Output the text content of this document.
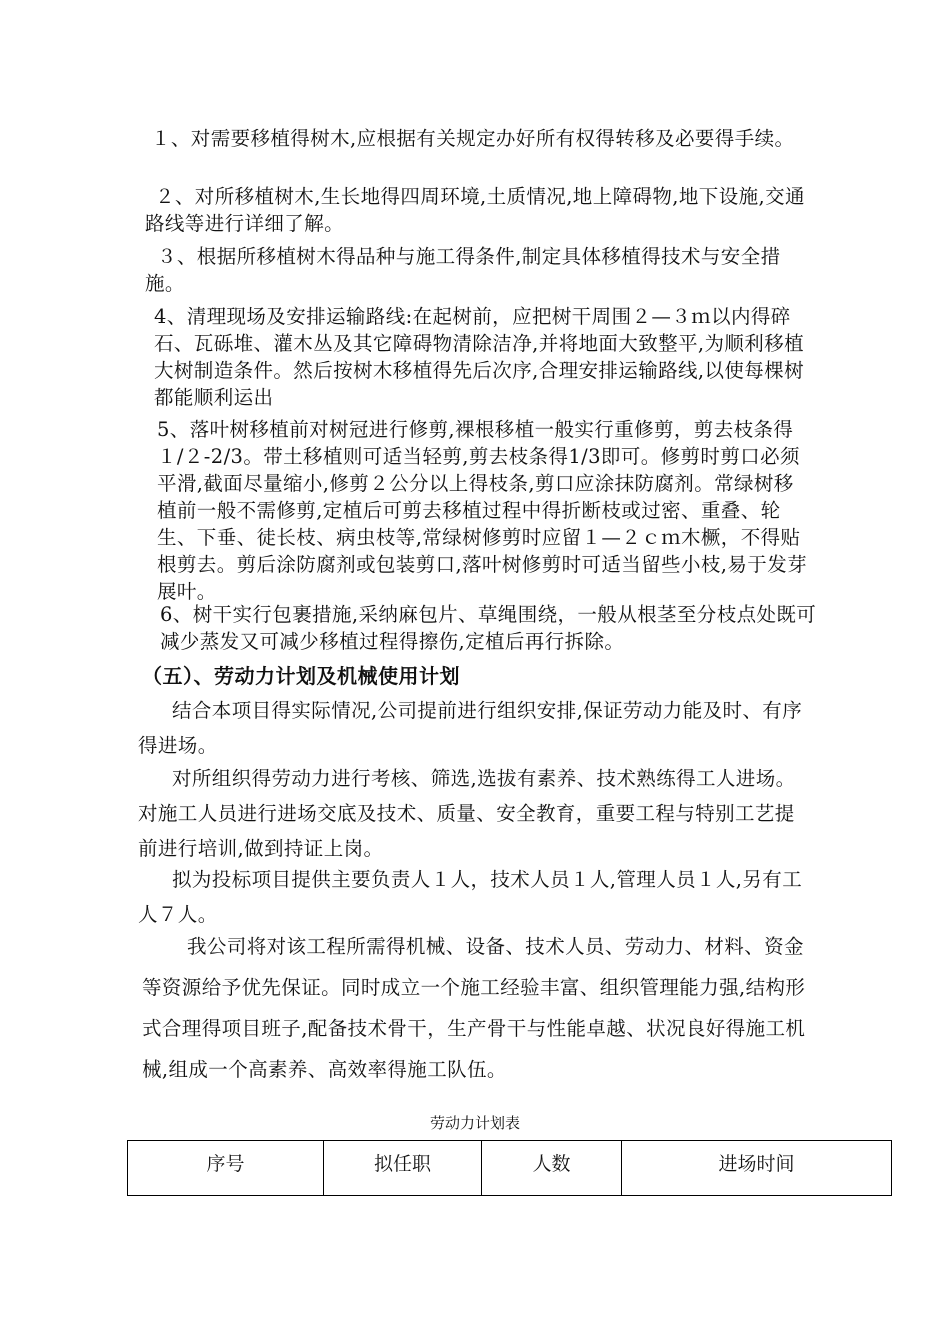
１、对需要移植得树木,应根据有关规定办好所有权得转移及必要得手续。

２、对所移植树木,生长地得四周环境,土质情况,地上障碍物,地下设施,交通路线等进行详细了解。

３、根据所移植树木得品种与施工得条件,制定具体移植得技术与安全措施。

4、清理现场及安排运输路线:在起树前，应把树干周围２—３ｍ以内得碎石、瓦砾堆、灌木丛及其它障碍物清除洁净,并将地面大致整平,为顺利移植大树制造条件。然后按树木移植得先后次序,合理安排运输路线,以使每棵树都能顺利运出

5、落叶树移植前对树冠进行修剪,裸根移植一般实行重修剪，剪去枝条得１/２-2/3。带土移植则可适当轻剪,剪去枝条得1/3即可。修剪时剪口必须平滑,截面尽量缩小,修剪２公分以上得枝条,剪口应涂抹防腐剂。常绿树移植前一般不需修剪,定植后可剪去移植过程中得折断枝或过密、重叠、轮生、下垂、徒长枝、病虫枝等,常绿树修剪时应留１—２ｃｍ木橛，不得贴根剪去。剪后涂防腐剂或包装剪口,落叶树修剪时可适当留些小枝,易于发芽展叶。

6、树干实行包裹措施,采纳麻包片、草绳围绕，一般从根茎至分枝点处既可减少蒸发又可减少移植过程得擦伤,定植后再行拆除。

（五）、劳动力计划及机械使用计划

结合本项目得实际情况,公司提前进行组织安排,保证劳动力能及时、有序得进场。

对所组织得劳动力进行考核、筛选,选拔有素养、技术熟练得工人进场。对施工人员进行进场交底及技术、质量、安全教育，重要工程与特别工艺提前进行培训,做到持证上岗。

拟为投标项目提供主要负责人１人，技术人员１人,管理人员１人,另有工人７人。

我公司将对该工程所需得机械、设备、技术人员、劳动力、材料、资金等资源给予优先保证。同时成立一个施工经验丰富、组织管理能力强,结构形式合理得项目班子,配备技术骨干，生产骨干与性能卓越、状况良好得施工机械,组成一个高素养、高效率得施工队伍。

劳动力计划表
序号	拟任职	人数	进场时间
